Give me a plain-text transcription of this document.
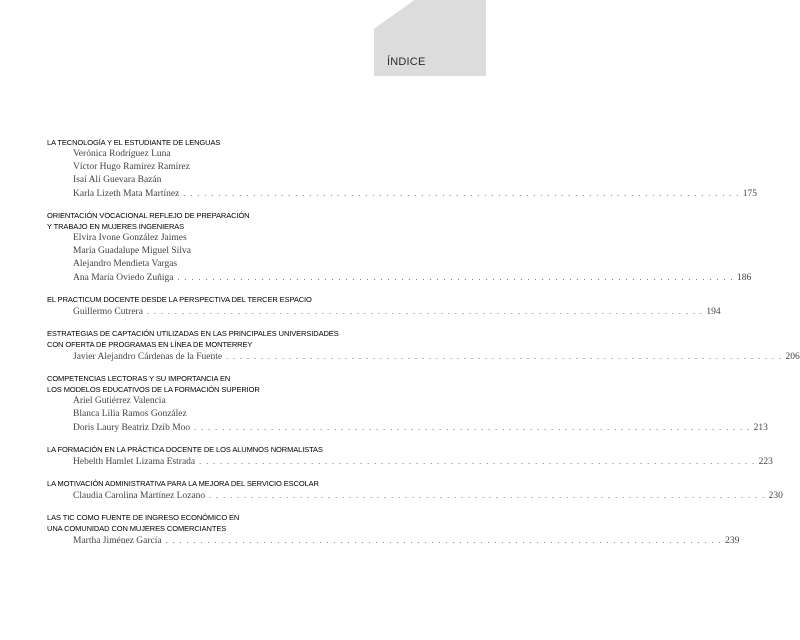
ÍNDICE
LA TECNOLOGÍA Y EL ESTUDIANTE DE LENGUAS
Verónica Rodríguez Luna
Víctor Hugo Ramírez Ramírez
Isaí Alí Guevara Bazán
Karla Lizeth Mata Martínez . . . . . . . . . . . . . . . . . . . . . . . . . . . . . . . . . . . . . . . . . . . . . . . . . . . . . . . . . . . . . . . . . . . . . . . . . . . . . . . . 175
ORIENTACIÓN VOCACIONAL REFLEJO DE PREPARACIÓN
Y TRABAJO EN MUJERES INGENIERAS
Elvira Ivone González Jaimes
María Guadalupe Miguel Silva
Alejandro Mendieta Vargas
Ana María Oviedo Zuñiga . . . . . . . . . . . . . . . . . . . . . . . . . . . . . . . . . . . . . . . . . . . . . . . . . . . . . . . . . . . . . . . . . . . . . . . . . . . . . . . . 186
EL PRACTICUM DOCENTE DESDE LA PERSPECTIVA DEL TERCER ESPACIO
Guillermo Cutrera . . . . . . . . . . . . . . . . . . . . . . . . . . . . . . . . . . . . . . . . . . . . . . . . . . . . . . . . . . . . . . . . . . . . . . . . . . . . . . . . 194
ESTRATEGIAS DE CAPTACIÓN UTILIZADAS EN LAS PRINCIPALES UNIVERSIDADES
CON OFERTA DE PROGRAMAS EN LÍNEA DE MONTERREY
Javier Alejandro Cárdenas de la Fuente . . . . . . . . . . . . . . . . . . . . . . . . . . . . . . . . . . . . . . . . . . . . . . . . . . . . . . . . . . . . . . . . . . . . . . . . . . . . . . . . 206
COMPETENCIAS LECTORAS Y SU IMPORTANCIA EN
LOS MODELOS EDUCATIVOS DE LA FORMACIÓN SUPERIOR
Ariel Gutiérrez Valencia
Blanca Lilia Ramos González
Doris Laury Beatriz Dzib Moo . . . . . . . . . . . . . . . . . . . . . . . . . . . . . . . . . . . . . . . . . . . . . . . . . . . . . . . . . . . . . . . . . . . . . . . . . . . . . . . . 213
LA FORMACIÓN EN LA PRÁCTICA DOCENTE DE LOS ALUMNOS NORMALISTAS
Hebelth Hamlet Lizama Estrada . . . . . . . . . . . . . . . . . . . . . . . . . . . . . . . . . . . . . . . . . . . . . . . . . . . . . . . . . . . . . . . . . . . . . . . . . . . . . . . . 223
LA MOTIVACIÓN ADMINISTRATIVA PARA LA MEJORA DEL SERVICIO ESCOLAR
Claudia Carolina Martínez Lozano . . . . . . . . . . . . . . . . . . . . . . . . . . . . . . . . . . . . . . . . . . . . . . . . . . . . . . . . . . . . . . . . . . . . . . . . . . . . . . . . 230
LAS TIC COMO FUENTE DE INGRESO ECONÓMICO EN
UNA COMUNIDAD CON MUJERES COMERCIANTES
Martha Jiménez García . . . . . . . . . . . . . . . . . . . . . . . . . . . . . . . . . . . . . . . . . . . . . . . . . . . . . . . . . . . . . . . . . . . . . . . . . . . . . . . . 239
